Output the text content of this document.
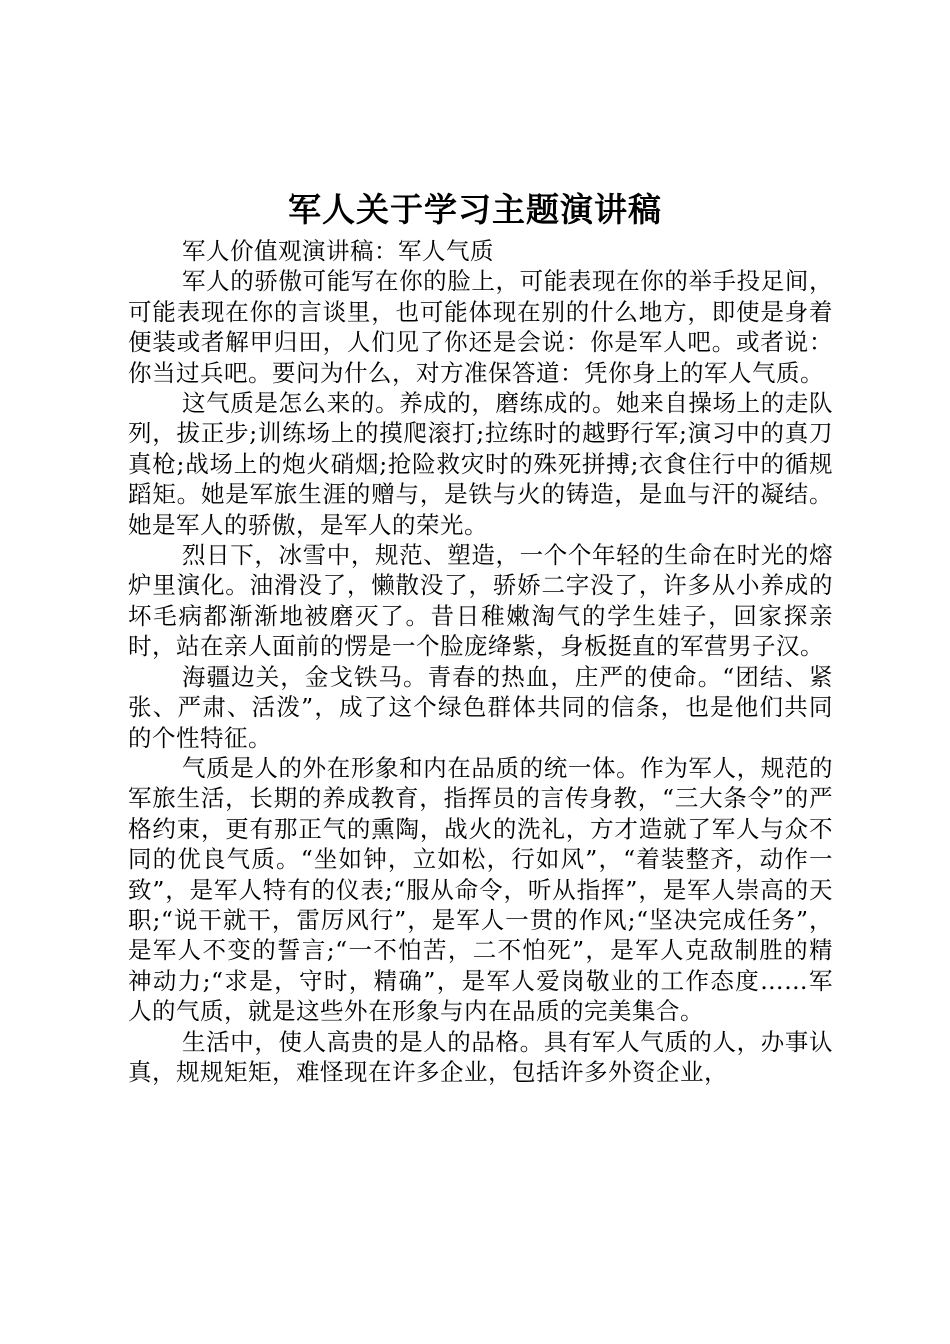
军人关于学习主题演讲稿

军人价值观演讲稿：军人气质

军人的骄傲可能写在你的脸上，可能表现在你的举手投足间，可能表现在你的言谈里，也可能体现在别的什么地方，即使是身着便装或者解甲归田，人们见了你还是会说：你是军人吧。或者说：你当过兵吧。要问为什么，对方准保答道：凭你身上的军人气质。

这气质是怎么来的。养成的，磨练成的。她来自操场上的走队列，拔正步;训练场上的摸爬滚打;拉练时的越野行军;演习中的真刀真枪;战场上的炮火硝烟;抢险救灾时的殊死拼搏;衣食住行中的循规蹈矩。她是军旅生涯的赠与，是铁与火的铸造，是血与汗的凝结。她是军人的骄傲，是军人的荣光。

烈日下，冰雪中，规范、塑造，一个个年轻的生命在时光的熔炉里演化。油滑没了，懒散没了，骄娇二字没了，许多从小养成的坏毛病都渐渐地被磨灭了。昔日稚嫩淘气的学生娃子，回家探亲时，站在亲人面前的愣是一个脸庞绛紫，身板挺直的军营男子汉。

海疆边关，金戈铁马。青春的热血，庄严的使命。“团结、紧张、严肃、活泼”，成了这个绿色群体共同的信条，也是他们共同的个性特征。

气质是人的外在形象和内在品质的统一体。作为军人，规范的军旅生活，长期的养成教育，指挥员的言传身教，“三大条令”的严格约束，更有那正气的熏陶，战火的洗礼，方才造就了军人与众不同的优良气质。“坐如钟，立如松，行如风”，“着装整齐，动作一致”，是军人特有的仪表;“服从命令，听从指挥”，是军人崇高的天职;“说干就干，雷厉风行”，是军人一贯的作风;“坚决完成任务”，是军人不变的誓言;“一不怕苦，二不怕死”，是军人克敌制胜的精神动力;“求是，守时，精确”，是军人爱岗敬业的工作态度……军人的气质，就是这些外在形象与内在品质的完美集合。

生活中，使人高贵的是人的品格。具有军人气质的人，办事认真，规规矩矩，难怪现在许多企业，包括许多外资企业，
